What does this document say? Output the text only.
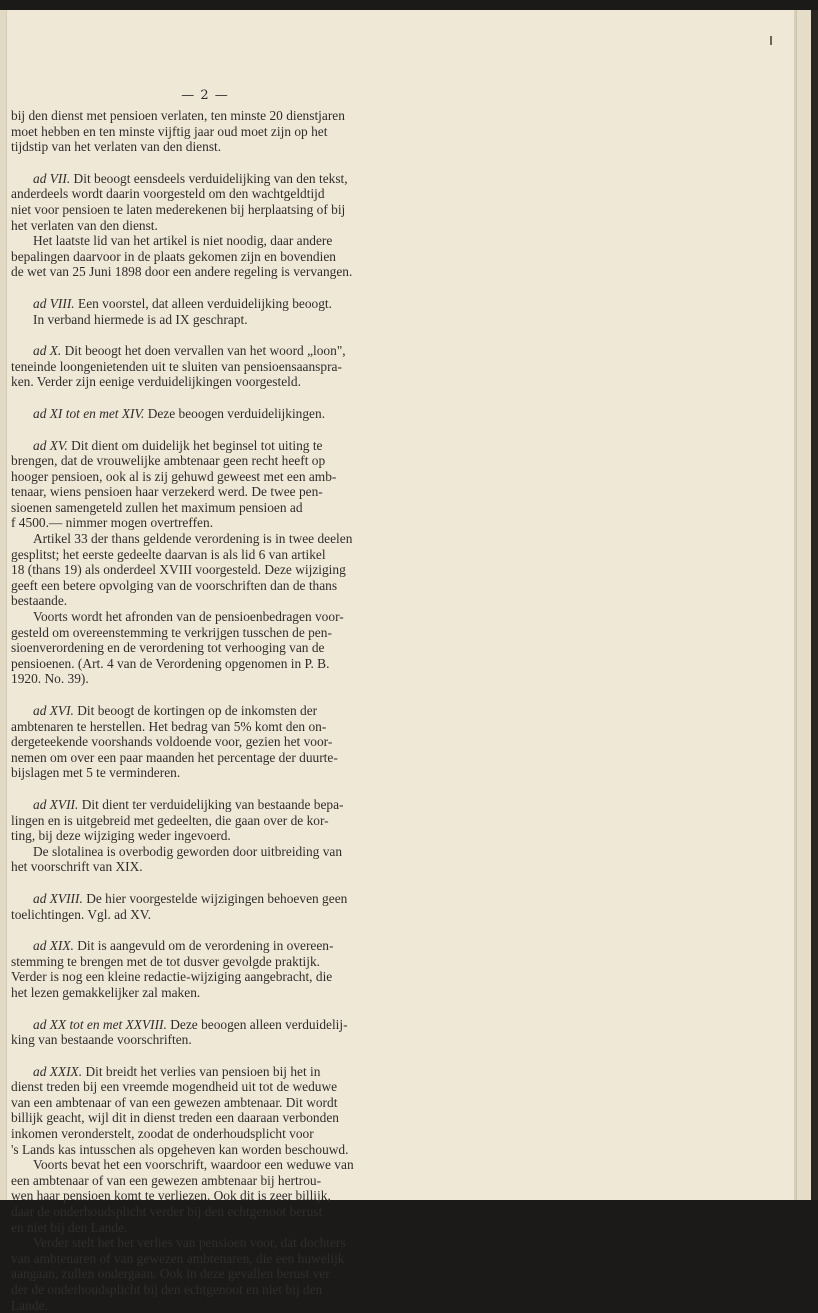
— 2 —
bij den dienst met pensioen verlaten, ten minste 20 dienstjaren
moet hebben en ten minste vijftig jaar oud moet zijn op het
tijdstip van het verlaten van den dienst.
ad VII. Dit beoogt eensdeels verduidelijking van den tekst,
anderdeels wordt daarin voorgesteld om den wachtgeldtijd
niet voor pensioen te laten mederekenen bij herplaatsing of bij
het verlaten van den dienst.
Het laatste lid van het artikel is niet noodig, daar andere
bepalingen daarvoor in de plaats gekomen zijn en bovendien
de wet van 25 Juni 1898 door een andere regeling is vervangen.
ad VIII. Een voorstel, dat alleen verduidelijking beoogt.
In verband hiermede is ad IX geschrapt.
ad X. Dit beoogt het doen vervallen van het woord „loon",
teneinde loongenietenden uit te sluiten van pensioensaanspra-
ken. Verder zijn eenige verduidelijkingen voorgesteld.
ad XI tot en met XIV. Deze beoogen verduidelijkingen.
ad XV. Dit dient om duidelijk het beginsel tot uiting te
brengen, dat de vrouwelijke ambtenaar geen recht heeft op
hooger pensioen, ook al is zij gehuwd geweest met een amb-
tenaar, wiens pensioen haar verzekerd werd. De twee pen-
sioenen samengeteld zullen het maximum pensioen ad
f 4500.— nimmer mogen overtreffen.
Artikel 33 der thans geldende verordening is in twee deelen
gesplitst; het eerste gedeelte daarvan is als lid 6 van artikel
18 (thans 19) als onderdeel XVIII voorgesteld. Deze wijziging
geeft een betere opvolging van de voorschriften dan de thans
bestaande.
Voorts wordt het afronden van de pensioenbedragen voor-
gesteld om overeenstemming te verkrijgen tusschen de pen-
sioenverordening en de verordening tot verhooging van de
pensioenen. (Art. 4 van de Verordening opgenomen in P. B.
1920. No. 39).
ad XVI. Dit beoogt de kortingen op de inkomsten der
ambtenaren te herstellen. Het bedrag van 5% komt den on-
dergeteekende voorshands voldoende voor, gezien het voor-
nemen om over een paar maanden het percentage der duurte-
bijslagen met 5 te verminderen.
ad XVII. Dit dient ter verduidelijking van bestaande bepa-
lingen en is uitgebreid met gedeelten, die gaan over de kor-
ting, bij deze wijziging weder ingevoerd.
De slotalinea is overbodig geworden door uitbreiding van
het voorschrift van XIX.
ad XVIII. De hier voorgestelde wijzigingen behoeven geen
toelichtingen. Vgl. ad XV.
ad XIX. Dit is aangevuld om de verordening in overeen-
stemming te brengen met de tot dusver gevolgde praktijk.
Verder is nog een kleine redactie-wijziging aangebracht, die
het lezen gemakkelijker zal maken.
ad XX tot en met XXVIII. Deze beoogen alleen verduidelij-
king van bestaande voorschriften.
ad XXIX. Dit breidt het verlies van pensioen bij het in
dienst treden bij een vreemde mogendheid uit tot de weduwe
van een ambtenaar of van een gewezen ambtenaar. Dit wordt
billijk geacht, wijl dit in dienst treden een daaraan verbonden
inkomen veronderstelt, zoodat de onderhoudsplicht voor
's Lands kas intusschen als opgeheven kan worden beschouwd.
Voorts bevat het een voorschrift, waardoor een weduwe van
een ambtenaar of van een gewezen ambtenaar bij hertrou-
wen haar pensioen komt te verliezen. Ook dit is zeer billijk,
daar de onderhoudsplicht verder bij den echtgenoot berust
en niet bij den Lande.
Verder stelt het het verlies van pensioen voor, dat dochters
van ambtenaren of van gewezen ambtenaren, die een huwelijk
aangaan, zullen ondergaan. Ook in deze gevallen berust ver
der de onderhoudsplicht bij den echtgenoot en niet bij den
Lande.
